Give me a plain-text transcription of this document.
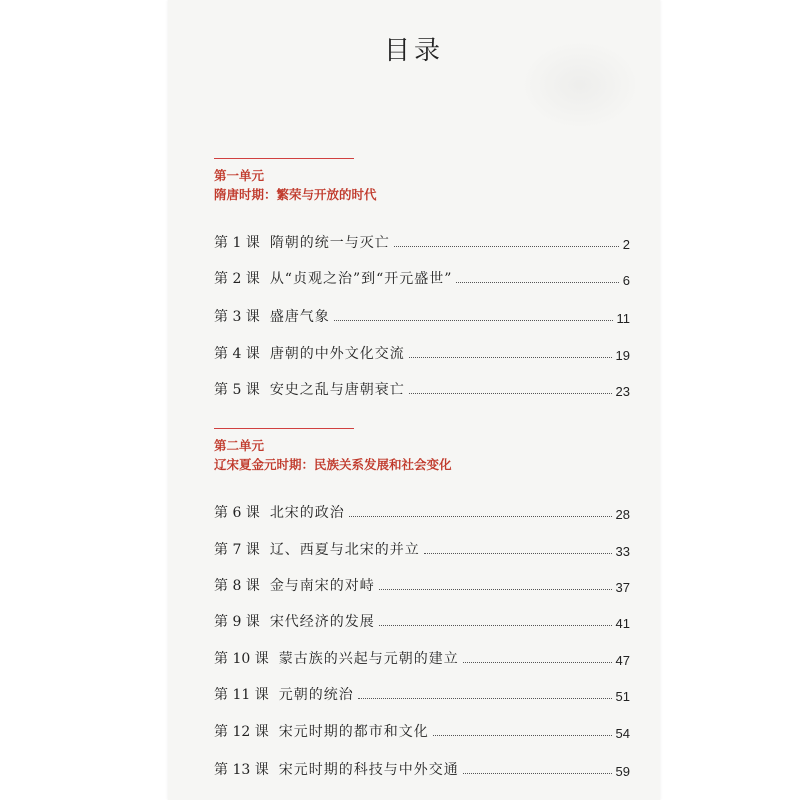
目录
第一单元
隋唐时期：繁荣与开放的时代
第 1 课 隋朝的统一与灭亡	2
第 2 课 从“贞观之治”到“开元盛世”	6
第 3 课 盛唐气象	11
第 4 课 唐朝的中外文化交流	19
第 5 课 安史之乱与唐朝衰亡	23
第二单元
辽宋夏金元时期：民族关系发展和社会变化
第 6 课 北宋的政治	28
第 7 课 辽、西夏与北宋的并立	33
第 8 课 金与南宋的对峙	37
第 9 课 宋代经济的发展	41
第 10 课 蒙古族的兴起与元朝的建立	47
第 11 课 元朝的统治	51
第 12 课 宋元时期的都市和文化	54
第 13 课 宋元时期的科技与中外交通	59
